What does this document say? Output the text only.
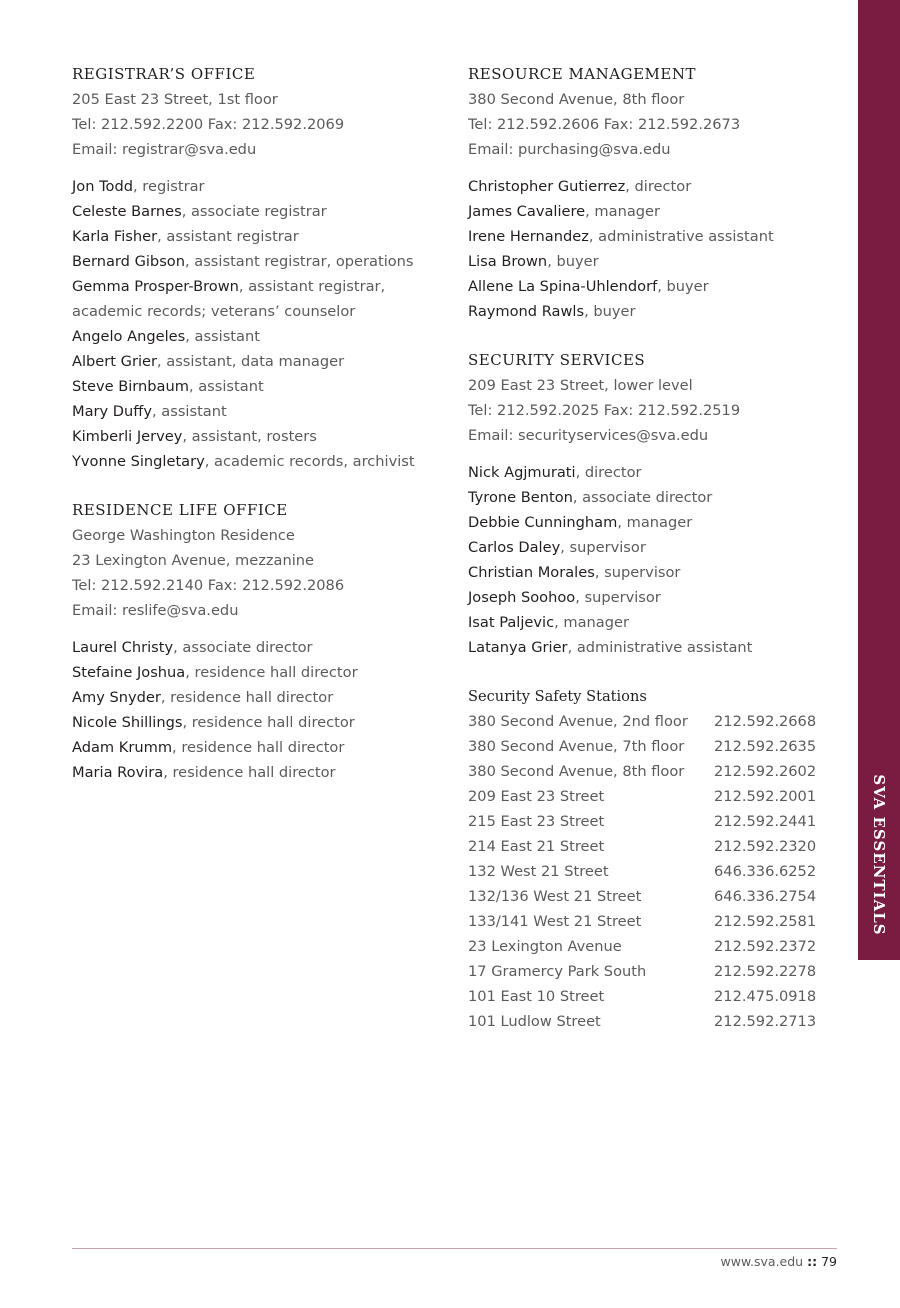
REGISTRAR’S OFFICE
205 East 23 Street, 1st floor
Tel: 212.592.2200 Fax: 212.592.2069
Email: registrar@sva.edu
Jon Todd, registrar
Celeste Barnes, associate registrar
Karla Fisher, assistant registrar
Bernard Gibson, assistant registrar, operations
Gemma Prosper-Brown, assistant registrar, academic records; veterans’ counselor
Angelo Angeles, assistant
Albert Grier, assistant, data manager
Steve Birnbaum, assistant
Mary Duffy, assistant
Kimberli Jervey, assistant, rosters
Yvonne Singletary, academic records, archivist
RESIDENCE LIFE OFFICE
George Washington Residence
23 Lexington Avenue, mezzanine
Tel: 212.592.2140 Fax: 212.592.2086
Email: reslife@sva.edu
Laurel Christy, associate director
Stefaine Joshua, residence hall director
Amy Snyder, residence hall director
Nicole Shillings, residence hall director
Adam Krumm, residence hall director
Maria Rovira, residence hall director
RESOURCE MANAGEMENT
380 Second Avenue, 8th floor
Tel: 212.592.2606 Fax: 212.592.2673
Email: purchasing@sva.edu
Christopher Gutierrez, director
James Cavaliere, manager
Irene Hernandez, administrative assistant
Lisa Brown, buyer
Allene La Spina-Uhlendorf, buyer
Raymond Rawls, buyer
SECURITY SERVICES
209 East 23 Street, lower level
Tel: 212.592.2025 Fax: 212.592.2519
Email: securityservices@sva.edu
Nick Agjmurati, director
Tyrone Benton, associate director
Debbie Cunningham, manager
Carlos Daley, supervisor
Christian Morales, supervisor
Joseph Soohoo, supervisor
Isat Paljevic, manager
Latanya Grier, administrative assistant
Security Safety Stations
380 Second Avenue, 2nd floor	212.592.2668
380 Second Avenue, 7th floor	212.592.2635
380 Second Avenue, 8th floor	212.592.2602
209 East 23 Street	212.592.2001
215 East 23 Street	212.592.2441
214 East 21 Street	212.592.2320
132 West 21 Street	646.336.6252
132/136 West 21 Street	646.336.2754
133/141 West 21 Street	212.592.2581
23 Lexington Avenue	212.592.2372
17 Gramercy Park South	212.592.2278
101 East 10 Street	212.475.0918
101 Ludlow Street	212.592.2713
SVA ESSENTIALS
www.sva.edu :: 79
